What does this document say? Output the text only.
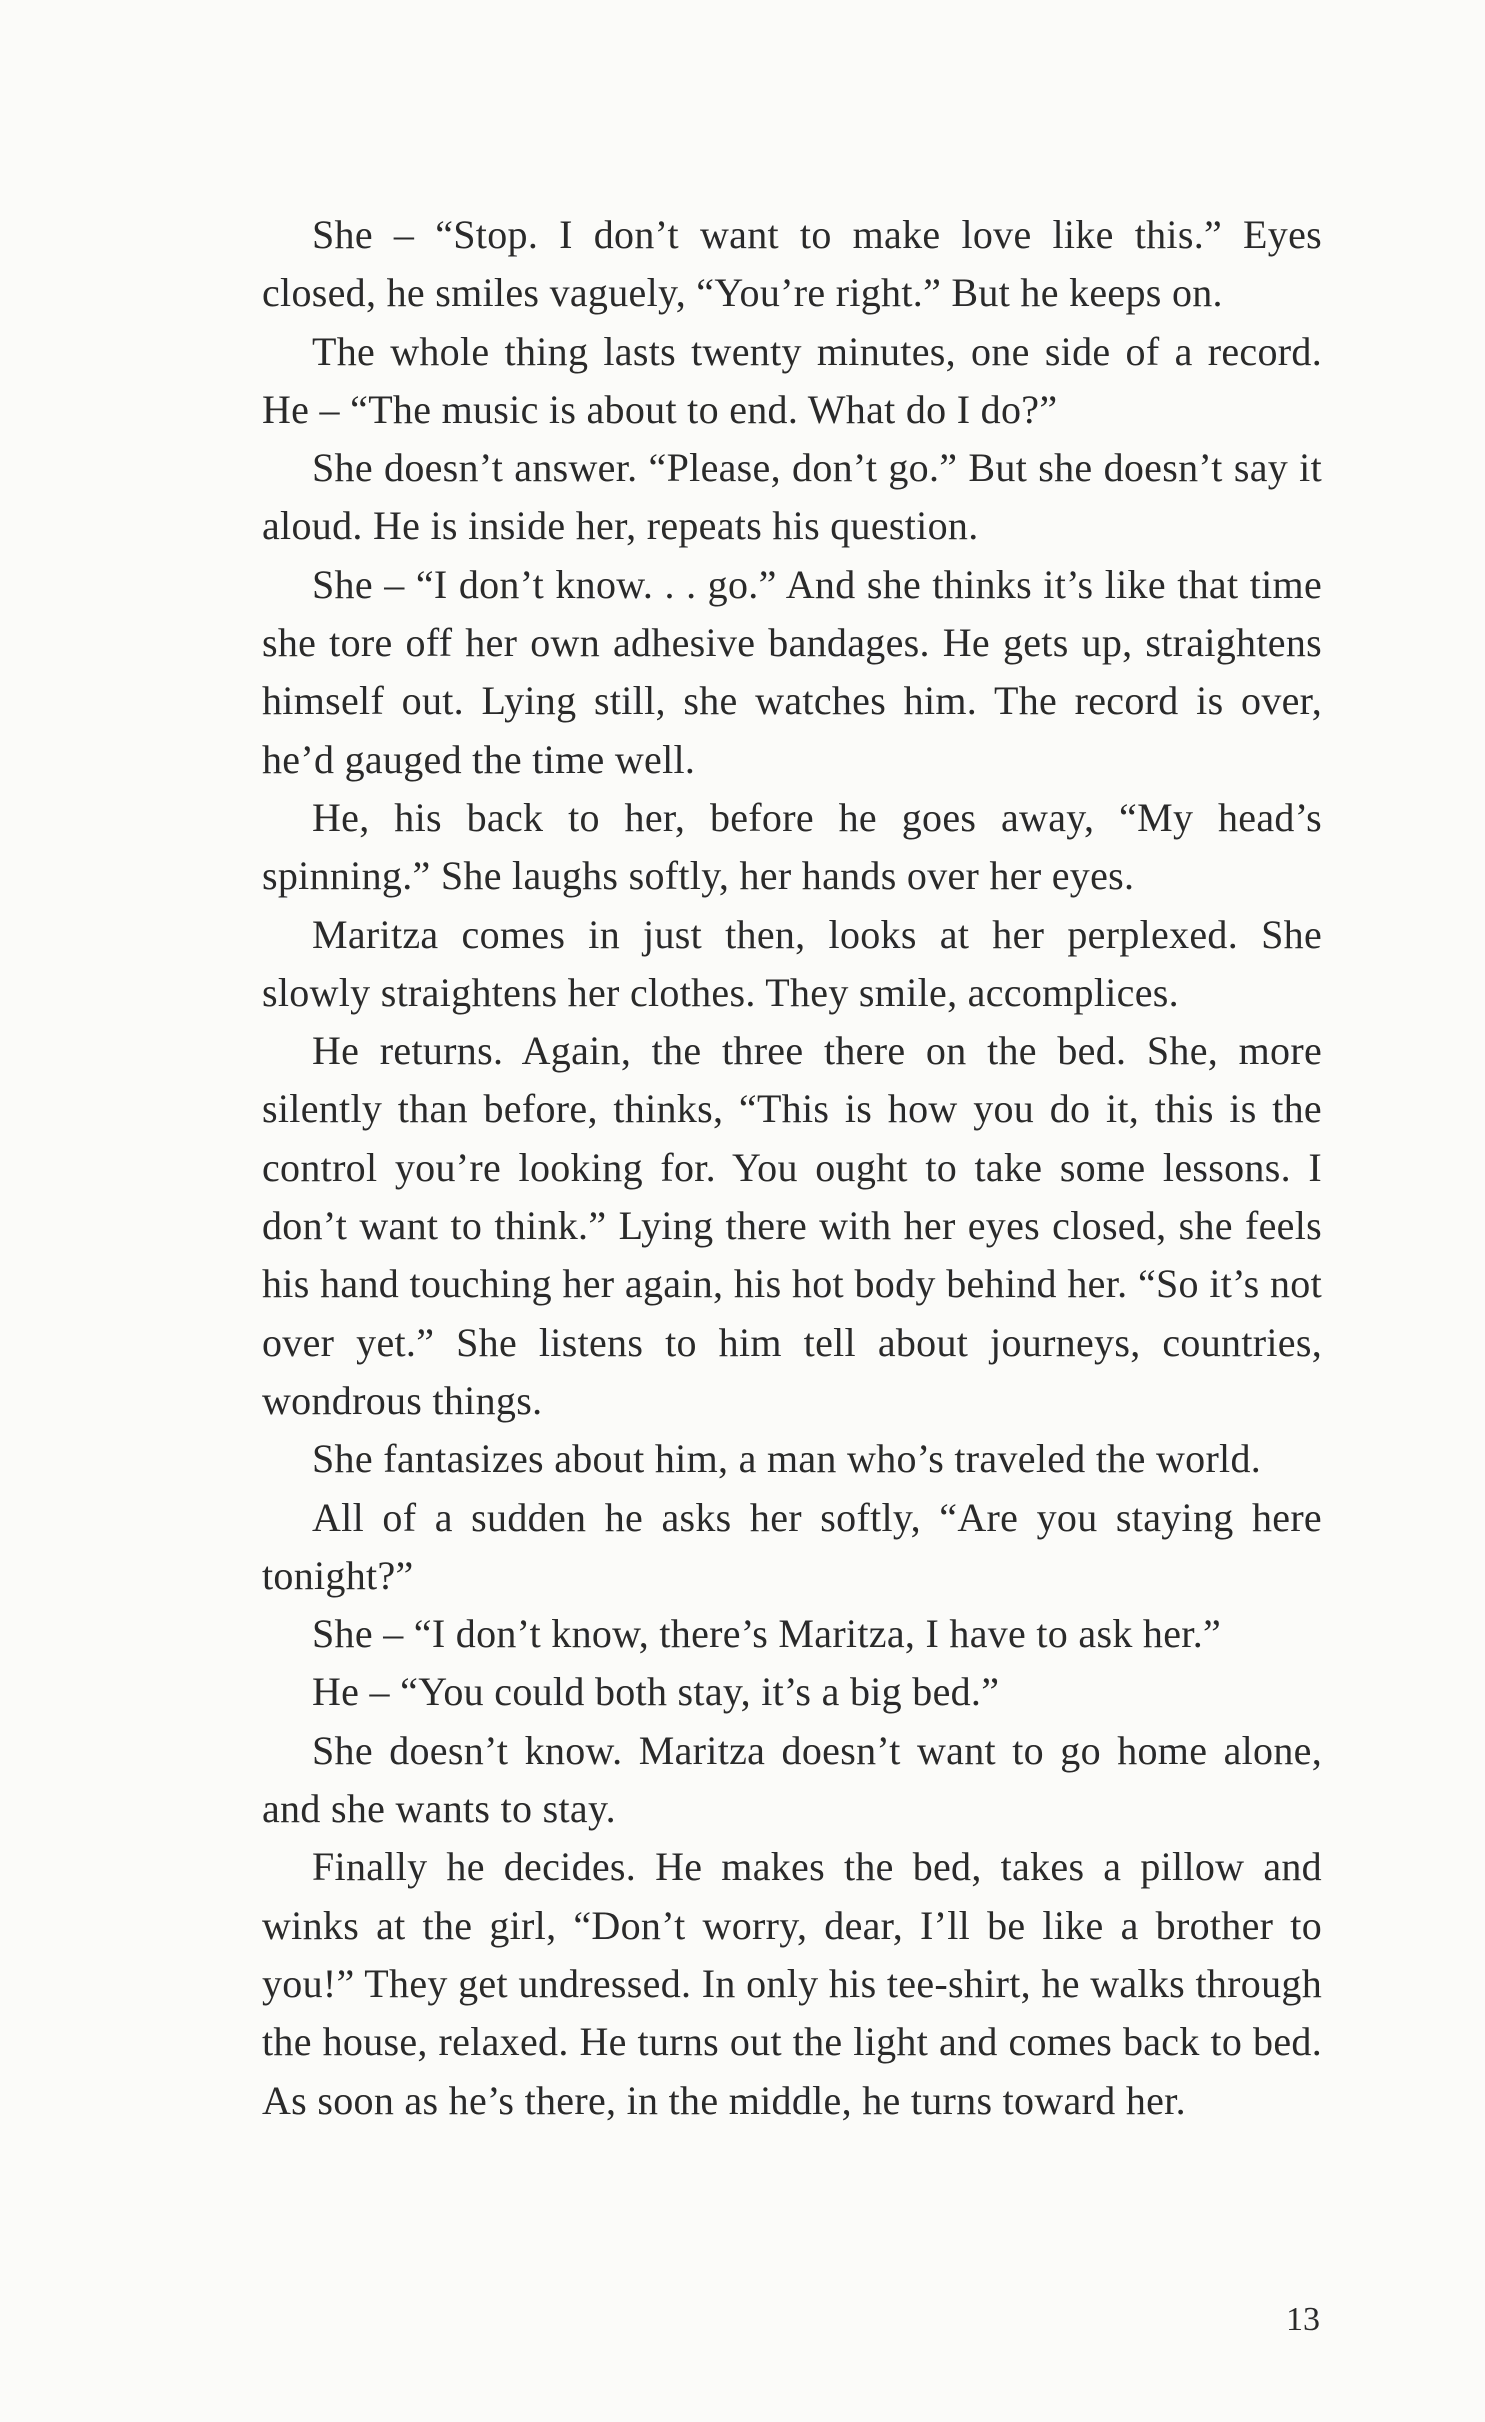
She – “Stop. I don’t want to make love like this.” Eyes closed, he smiles vaguely, “You’re right.” But he keeps on.

The whole thing lasts twenty minutes, one side of a record. He – “The music is about to end. What do I do?”

She doesn’t answer. “Please, don’t go.” But she doesn’t say it aloud. He is inside her, repeats his question.

She – “I don’t know. . . go.” And she thinks it’s like that time she tore off her own adhesive bandages. He gets up, straightens himself out. Lying still, she watches him. The record is over, he’d gauged the time well.

He, his back to her, before he goes away, “My head’s spinning.” She laughs softly, her hands over her eyes.

Maritza comes in just then, looks at her perplexed. She slowly straightens her clothes. They smile, accomplices.

He returns. Again, the three there on the bed. She, more silently than before, thinks, “This is how you do it, this is the control you’re looking for. You ought to take some lessons. I don’t want to think.” Lying there with her eyes closed, she feels his hand touching her again, his hot body behind her. “So it’s not over yet.” She listens to him tell about journeys, countries, wondrous things.

She fantasizes about him, a man who’s traveled the world.

All of a sudden he asks her softly, “Are you staying here tonight?”

She – “I don’t know, there’s Maritza, I have to ask her.”

He – “You could both stay, it’s a big bed.”

She doesn’t know. Maritza doesn’t want to go home alone, and she wants to stay.

Finally he decides. He makes the bed, takes a pillow and winks at the girl, “Don’t worry, dear, I’ll be like a brother to you!” They get undressed. In only his tee-shirt, he walks through the house, relaxed. He turns out the light and comes back to bed. As soon as he’s there, in the middle, he turns toward her.

13
